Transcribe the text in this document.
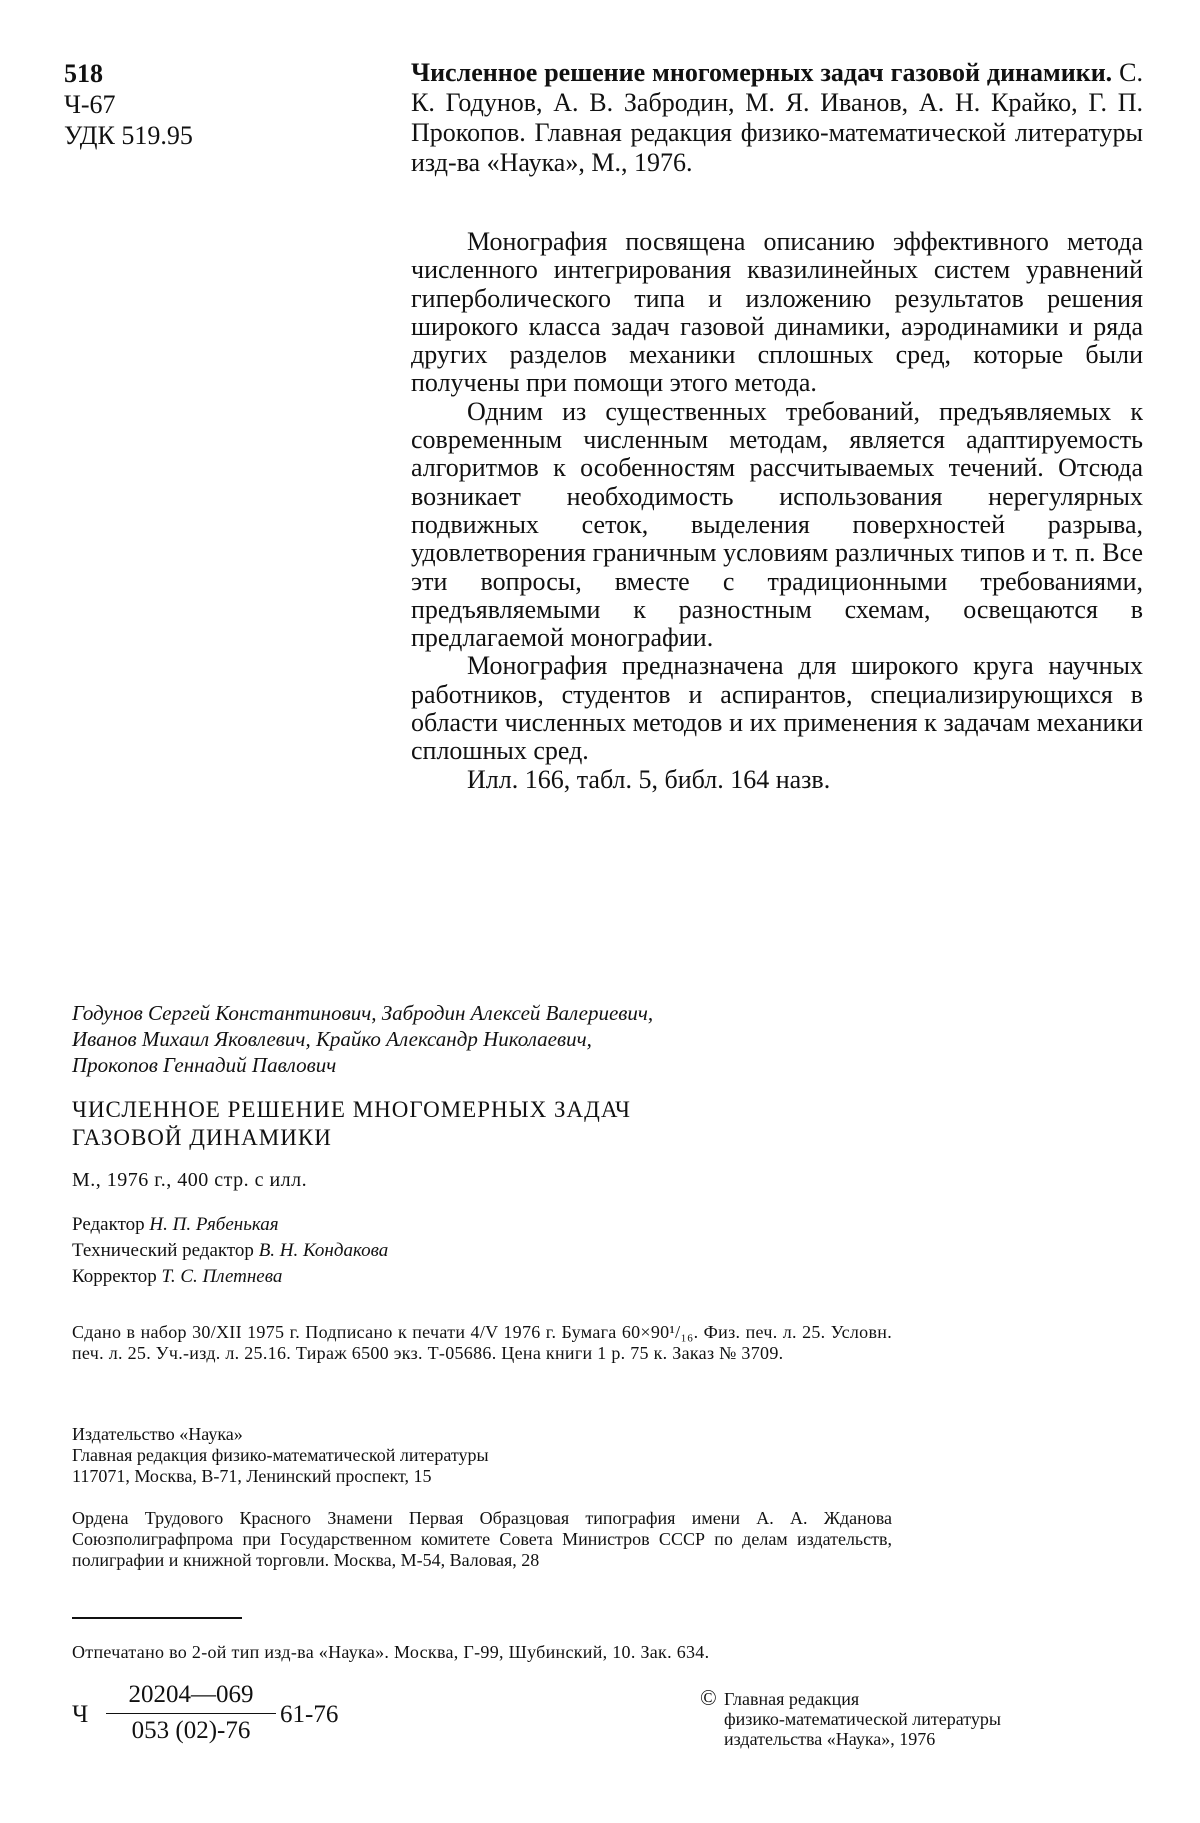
518
Ч-67
УДК 519.95
Численное решение многомерных задач газовой динамики. С. К. Годунов, А. В. Забродин, М. Я. Иванов, А. Н. Крайко, Г. П. Прокопов. Главная редакция физико-математической литературы изд-ва «Наука», М., 1976.

Монография посвящена описанию эффективного метода численного интегрирования квазилинейных систем уравнений гиперболического типа и изложению результатов решения широкого класса задач газовой динамики, аэродинамики и ряда других разделов механики сплошных сред, которые были получены при помощи этого метода.

Одним из существенных требований, предъявляемых к современным численным методам, является адаптируемость алгоритмов к особенностям рассчитываемых течений. Отсюда возникает необходимость использования нерегулярных подвижных сеток, выделения поверхностей разрыва, удовлетворения граничным условиям различных типов и т. п. Все эти вопросы, вместе с традиционными требованиями, предъявляемыми к разностным схемам, освещаются в предлагаемой монографии.

Монография предназначена для широкого круга научных работников, студентов и аспирантов, специализирующихся в области численных методов и их применения к задачам механики сплошных сред.

Илл. 166, табл. 5, библ. 164 назв.

Годунов Сергей Константинович, Забродин Алексей Валериевич,
Иванов Михаил Яковлевич, Крайко Александр Николаевич,
Прокопов Геннадий Павлович
ЧИСЛЕННОЕ РЕШЕНИЕ МНОГОМЕРНЫХ ЗАДАЧ
ГАЗОВОЙ ДИНАМИКИ
М., 1976 г., 400 стр. с илл.
Редактор Н. П. Рябенькая
Технический редактор В. Н. Кондакова
Корректор Т. С. Плетнева
Сдано в набор 30/XII 1975 г. Подписано к печати 4/V 1976 г. Бумага 60×90¹/₁₆. Физ. печ. л. 25. Условн. печ. л. 25. Уч.-изд. л. 25.16. Тираж 6500 экз. Т-05686. Цена книги 1 р. 75 к. Заказ № 3709.
Издательство «Наука»
Главная редакция физико-математической литературы
117071, Москва, В-71, Ленинский проспект, 15
Ордена Трудового Красного Знамени Первая Образцовая типография имени А. А. Жданова Союзполиграфпрома при Государственном комитете Совета Министров СССР по делам издательств, полиграфии и книжной торговли. Москва, М-54, Валовая, 28
Отпечатано во 2-ой тип изд-ва «Наука». Москва, Г-99, Шубинский, 10. Зак. 634.
Ч
20204—069
053 (02)-76
61-76
© Главная редакция
физико-математической литературы
издательства «Наука», 1976
